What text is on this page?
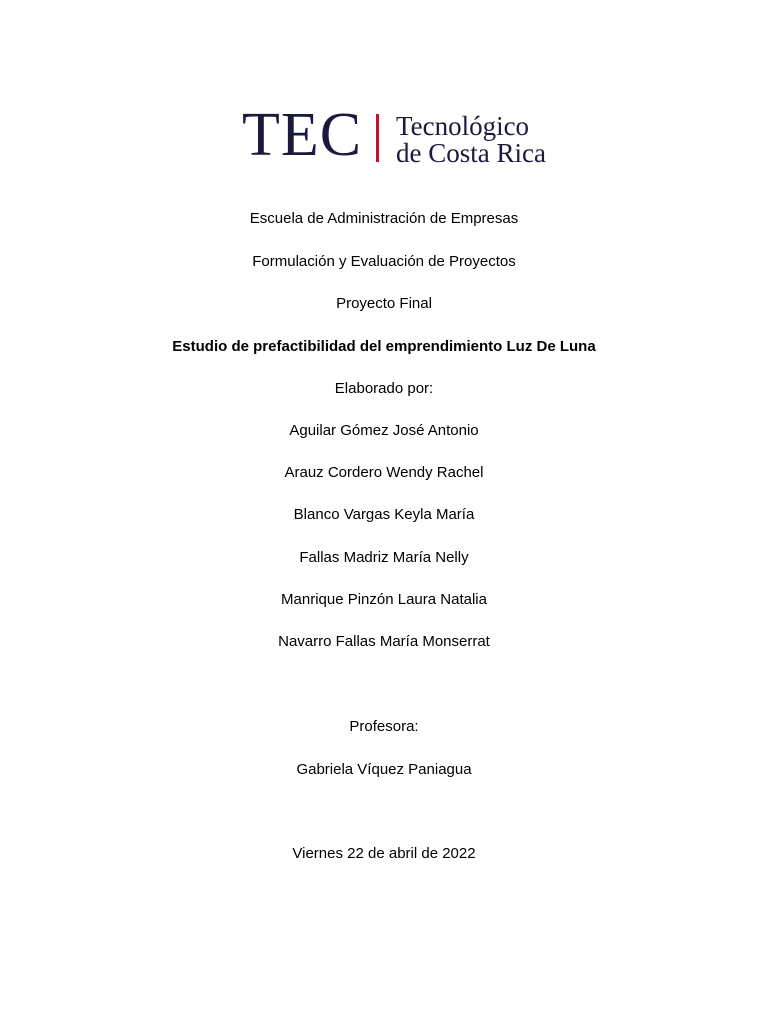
TEC Tecnológico
de Costa Rica
Escuela de Administración de Empresas
Formulación y Evaluación de Proyectos
Proyecto Final
Estudio de prefactibilidad del emprendimiento Luz De Luna
Elaborado por:
Aguilar Gómez José Antonio
Arauz Cordero Wendy Rachel
Blanco Vargas Keyla María
Fallas Madriz María Nelly
Manrique Pinzón Laura Natalia
Navarro Fallas María Monserrat
Profesora:
Gabriela Víquez Paniagua
Viernes 22 de abril de 2022
